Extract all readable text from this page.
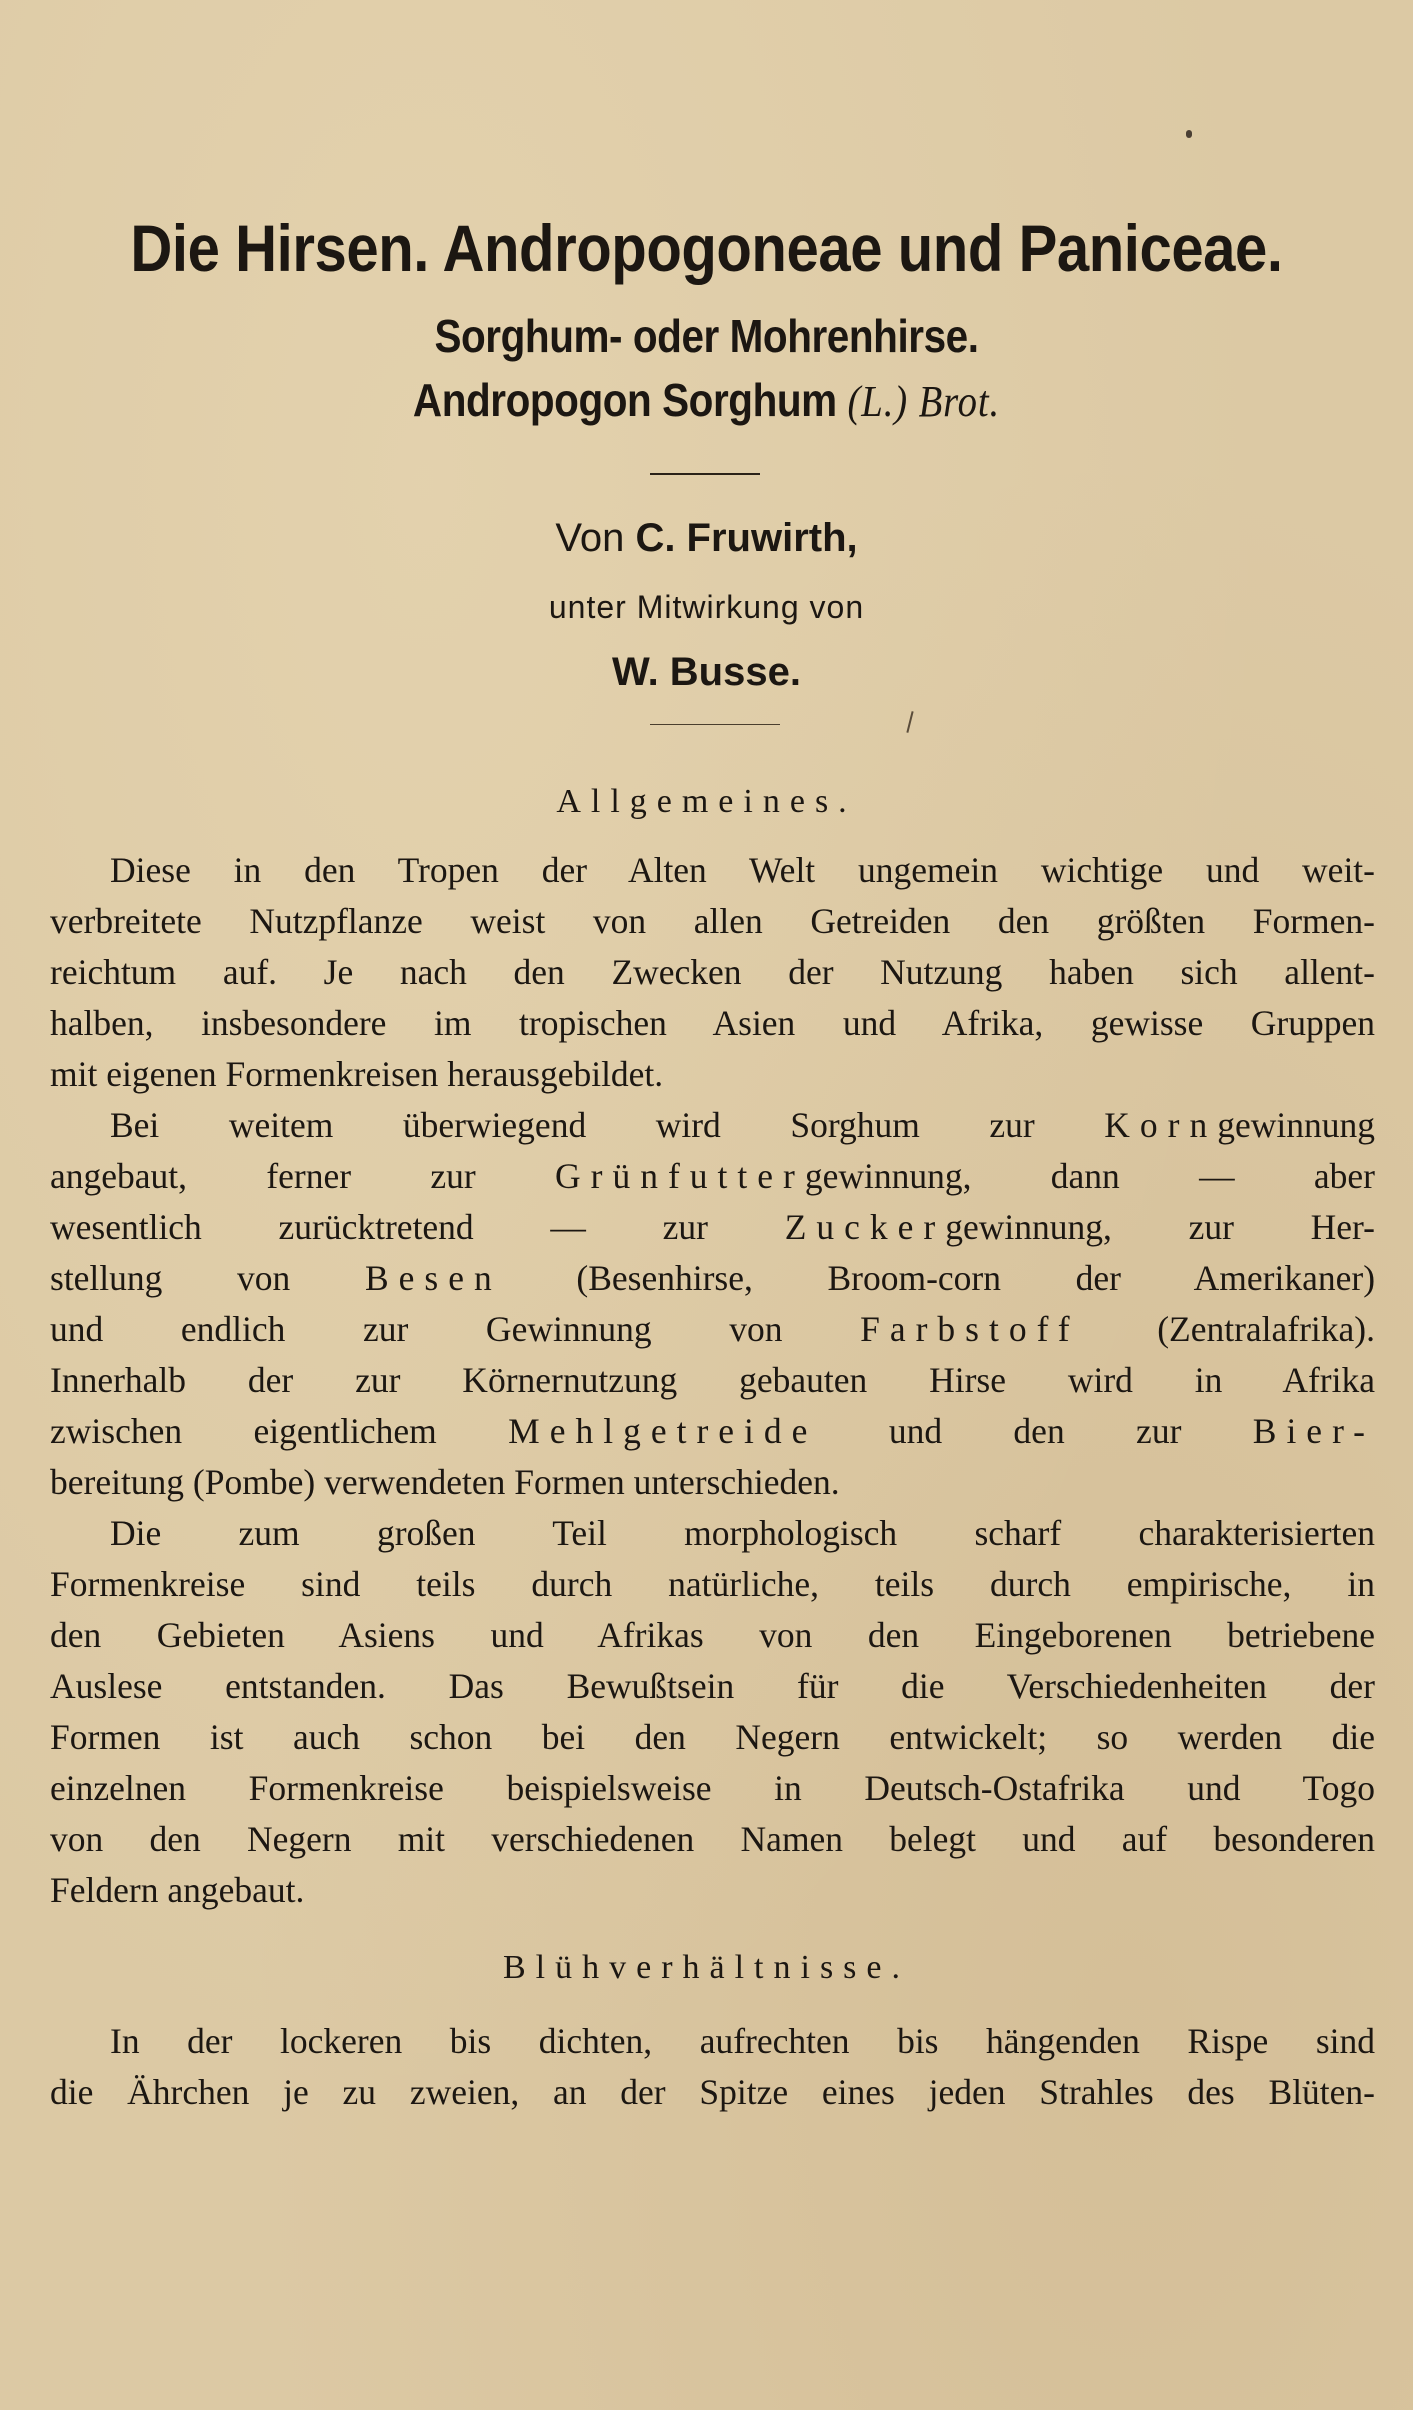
Die Hirsen. Andropogoneae und Paniceae.
Sorghum- oder Mohrenhirse.
Andropogon Sorghum (L.) Brot.
Von C. Fruwirth,
unter Mitwirkung von
W. Busse.
Allgemeines.
Diese in den Tropen der Alten Welt ungemein wichtige und weit-
verbreitete Nutzpflanze weist von allen Getreiden den größten Formen-
reichtum auf. Je nach den Zwecken der Nutzung haben sich allent-
halben, insbesondere im tropischen Asien und Afrika, gewisse Gruppen
mit eigenen Formenkreisen herausgebildet.
Bei weitem überwiegend wird Sorghum zur Korngewinnung
angebaut, ferner zur Grünfuttergewinnung, dann — aber
wesentlich zurücktretend — zur Zuckergewinnung, zur Her-
stellung von Besen (Besenhirse, Broom-corn der Amerikaner)
und endlich zur Gewinnung von Farbstoff (Zentralafrika).
Innerhalb der zur Körnernutzung gebauten Hirse wird in Afrika
zwischen eigentlichem Mehlgetreide und den zur Bier-
bereitung (Pombe) verwendeten Formen unterschieden.
Die zum großen Teil morphologisch scharf charakterisierten
Formenkreise sind teils durch natürliche, teils durch empirische, in
den Gebieten Asiens und Afrikas von den Eingeborenen betriebene
Auslese entstanden. Das Bewußtsein für die Verschiedenheiten der
Formen ist auch schon bei den Negern entwickelt; so werden die
einzelnen Formenkreise beispielsweise in Deutsch-Ostafrika und Togo
von den Negern mit verschiedenen Namen belegt und auf besonderen
Feldern angebaut.
Blühverhältnisse.
In der lockeren bis dichten, aufrechten bis hängenden Rispe sind
die Ährchen je zu zweien, an der Spitze eines jeden Strahles des Blüten-
